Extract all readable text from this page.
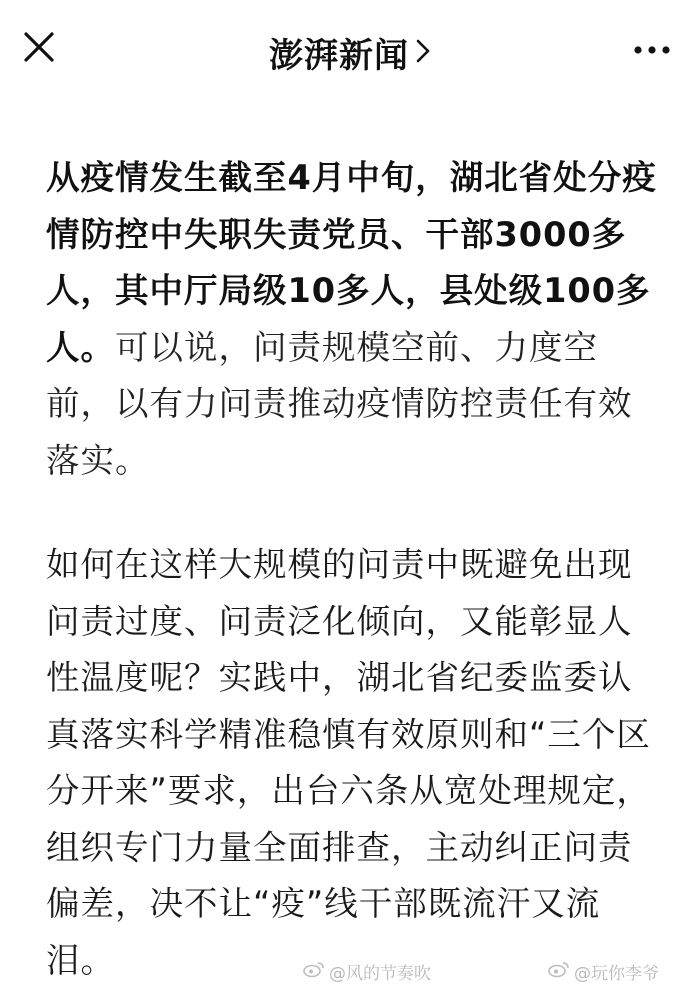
澎湃新闻

从疫情发生截至4月中旬，湖北省处分疫情防控中失职失责党员、干部3000多人，其中厅局级10多人，县处级100多人。可以说，问责规模空前、力度空前，以有力问责推动疫情防控责任有效落实。

如何在这样大规模的问责中既避免出现问责过度、问责泛化倾向，又能彰显人性温度呢？实践中，湖北省纪委监委认真落实科学精准稳慎有效原则和“三个区分开来”要求，出台六条从宽处理规定，组织专门力量全面排查，主动纠正问责偏差，决不让“疫”线干部既流汗又流泪。	@风的节奏吹	@玩你李爷
